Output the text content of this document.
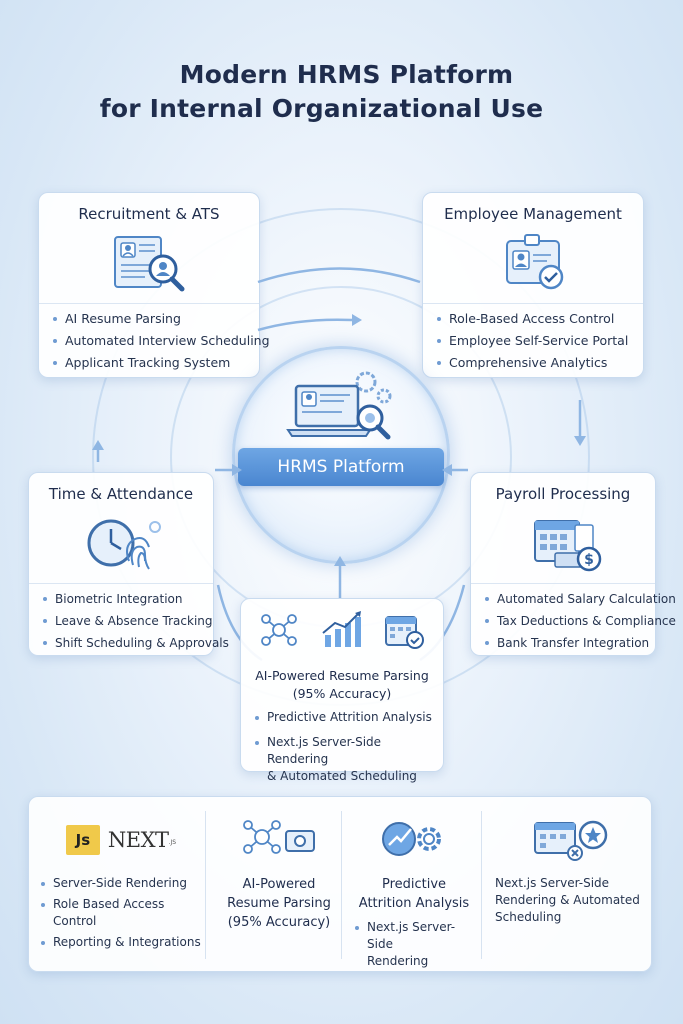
Modern HRMS Platform
for Internal Organizational Use
Recruitment & ATS
AI Resume Parsing
Automated Interview Scheduling
Applicant Tracking System
Employee Management
Role-Based Access Control
Employee Self-Service Portal
Comprehensive Analytics
HRMS Platform
Time & Attendance
Biometric Integration
Leave & Absence Tracking
Shift Scheduling & Approvals
Payroll Processing
$
Automated Salary Calculation
Tax Deductions & Compliance
Bank Transfer Integration
AI-Powered Resume Parsing
(95% Accuracy)
Predictive Attrition Analysis
Next.js Server-Side Rendering
& Automated Scheduling
Js NEXT.JS
Server-Side Rendering
Role Based Access
Control
Reporting & Integrations
AI-Powered
Resume Parsing
(95% Accuracy)
Predictive
Attrition Analysis
Next.js Server-Side
Rendering
Next.js Server-Side
Rendering & Automated
Scheduling
